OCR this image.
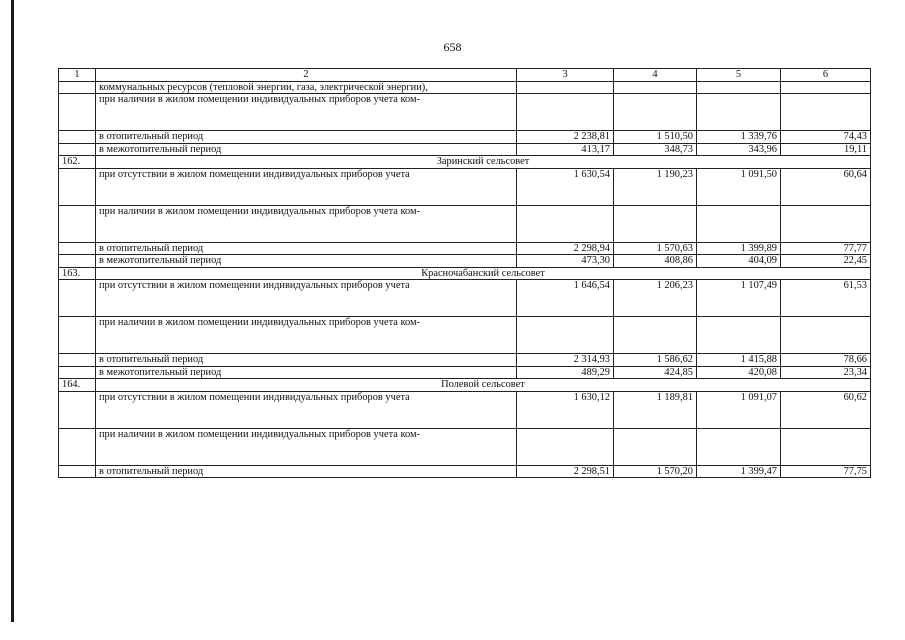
658
1	2	3	4	5	6

	коммунальных ресурсов (тепловой энергии, газа, электрической энергии),				

	при наличии в жилом помещении индивидуальных приборов учета ком-				

	в отопительный период	2 238,81	1 510,50	1 339,76	74,43
	в межотопительный период	413,17	348,73	343,96	19,11
162.	Заринский сельсовет				

	при отсутствии в жилом помещении индивидуальных приборов учета	1 630,54	1 190,23	1 091,50	60,64

	при наличии в жилом помещении индивидуальных приборов учета ком-				

	в отопительный период	2 298,94	1 570,63	1 399,89	77,77
	в межотопительный период	473,30	408,86	404,09	22,45
163.	Красночабанский сельсовет				

	при отсутствии в жилом помещении индивидуальных приборов учета	1 646,54	1 206,23	1 107,49	61,53

	при наличии в жилом помещении индивидуальных приборов учета ком-				

	в отопительный период	2 314,93	1 586,62	1 415,88	78,66
	в межотопительный период	489,29	424,85	420,08	23,34
164.	Полевой сельсовет				

	при отсутствии в жилом помещении индивидуальных приборов учета	1 630,12	1 189,81	1 091,07	60,62

	при наличии в жилом помещении индивидуальных приборов учета ком-				

	в отопительный период	2 298,51	1 570,20	1 399,47	77,75
